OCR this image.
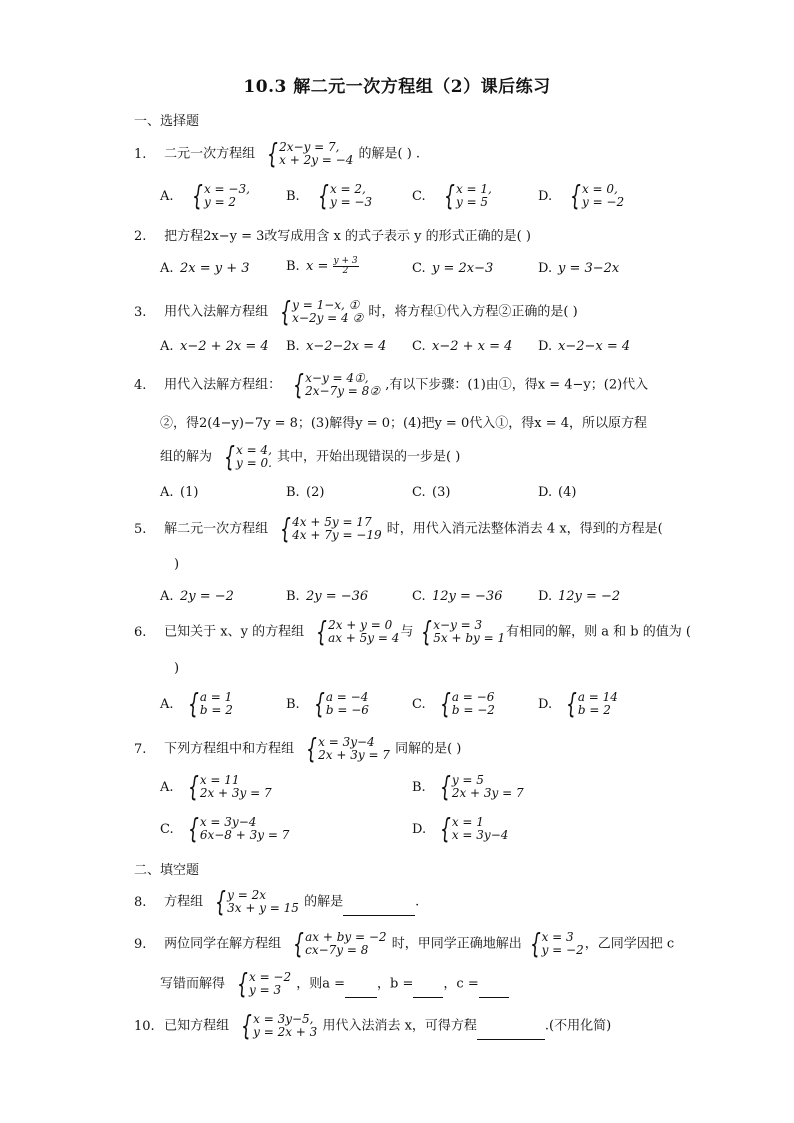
10.3 解二元一次方程组（2）课后练习
一、选择题
1. 二元一次方程组 { 2x−y = 7,
x + 2y = −4 的解是( ) .
A. { x = −3,
y = 2	B. { x = 2,
y = −3	C. { x = 1,
y = 5	D. { x = 0,
y = −2
2. 把方程2x−y = 3改写成用含 x 的式子表示 y 的形式正确的是( )
A. 2x = y + 3	B. $x = \frac{y + 3}{2}$	C. y = 2x−3	D. y = 3−2x
3. 用代入法解方程组 { y = 1−x, ①
x−2y = 4 ② 时，将方程①代入方程②正确的是( )
A. x−2 + 2x = 4 B. x−2−2x = 4 C. x−2 + x = 4 D. x−2−x = 4
4. 用代入法解方程组： { x−y = 4①,
2x−7y = 8② ,有以下步骤：(1)由①，得x = 4−y；(2)代入
②，得2(4−y)−7y = 8；(3)解得y = 0；(4)把y = 0代入①，得x = 4，所以原方程
组的解为 { x = 4,
y = 0. 其中，开始出现错误的一步是( )
A. (1)	B. (2)	C. (3)	D. (4)
5. 解二元一次方程组 { 4x + 5y = 17
4x + 7y = −19 时，用代入消元法整体消去 4 x，得到的方程是(
)
A. 2y = −2	B. 2y = −36	C. 12y = −36	D. 12y = −2
6. 已知关于 x、y 的方程组 { 2x + y = 0
ax + 5y = 4 与 { x−y = 3
5x + by = 1 有相同的解，则 a 和 b 的值为 (
)
A. { a = 1
b = 2	B. { a = −4
b = −6	C. { a = −6
b = −2	D. { a = 14
b = 2
7. 下列方程组中和方程组 { x = 3y−4
2x + 3y = 7 同解的是( )
A. { x = 11
2x + 3y = 7	B. { y = 5
2x + 3y = 7
C. { x = 3y−4
6x−8 + 3y = 7	D. { x = 1
x = 3y−4
二、填空题
8. 方程组 { y = 2x
3x + y = 15 的解是	.
9. 两位同学在解方程组 { ax + by = −2
cx−7y = 8	时，甲同学正确地解出 { x = 3
y = −2 ，乙同学因把 c
写错而解得 { x = −2
y = 3	，则a = ，b = ，c =
10. 已知方程组 { x = 3y−5,
y = 2x + 3 用代入法消去 x，可得方程	.(不用化简)
